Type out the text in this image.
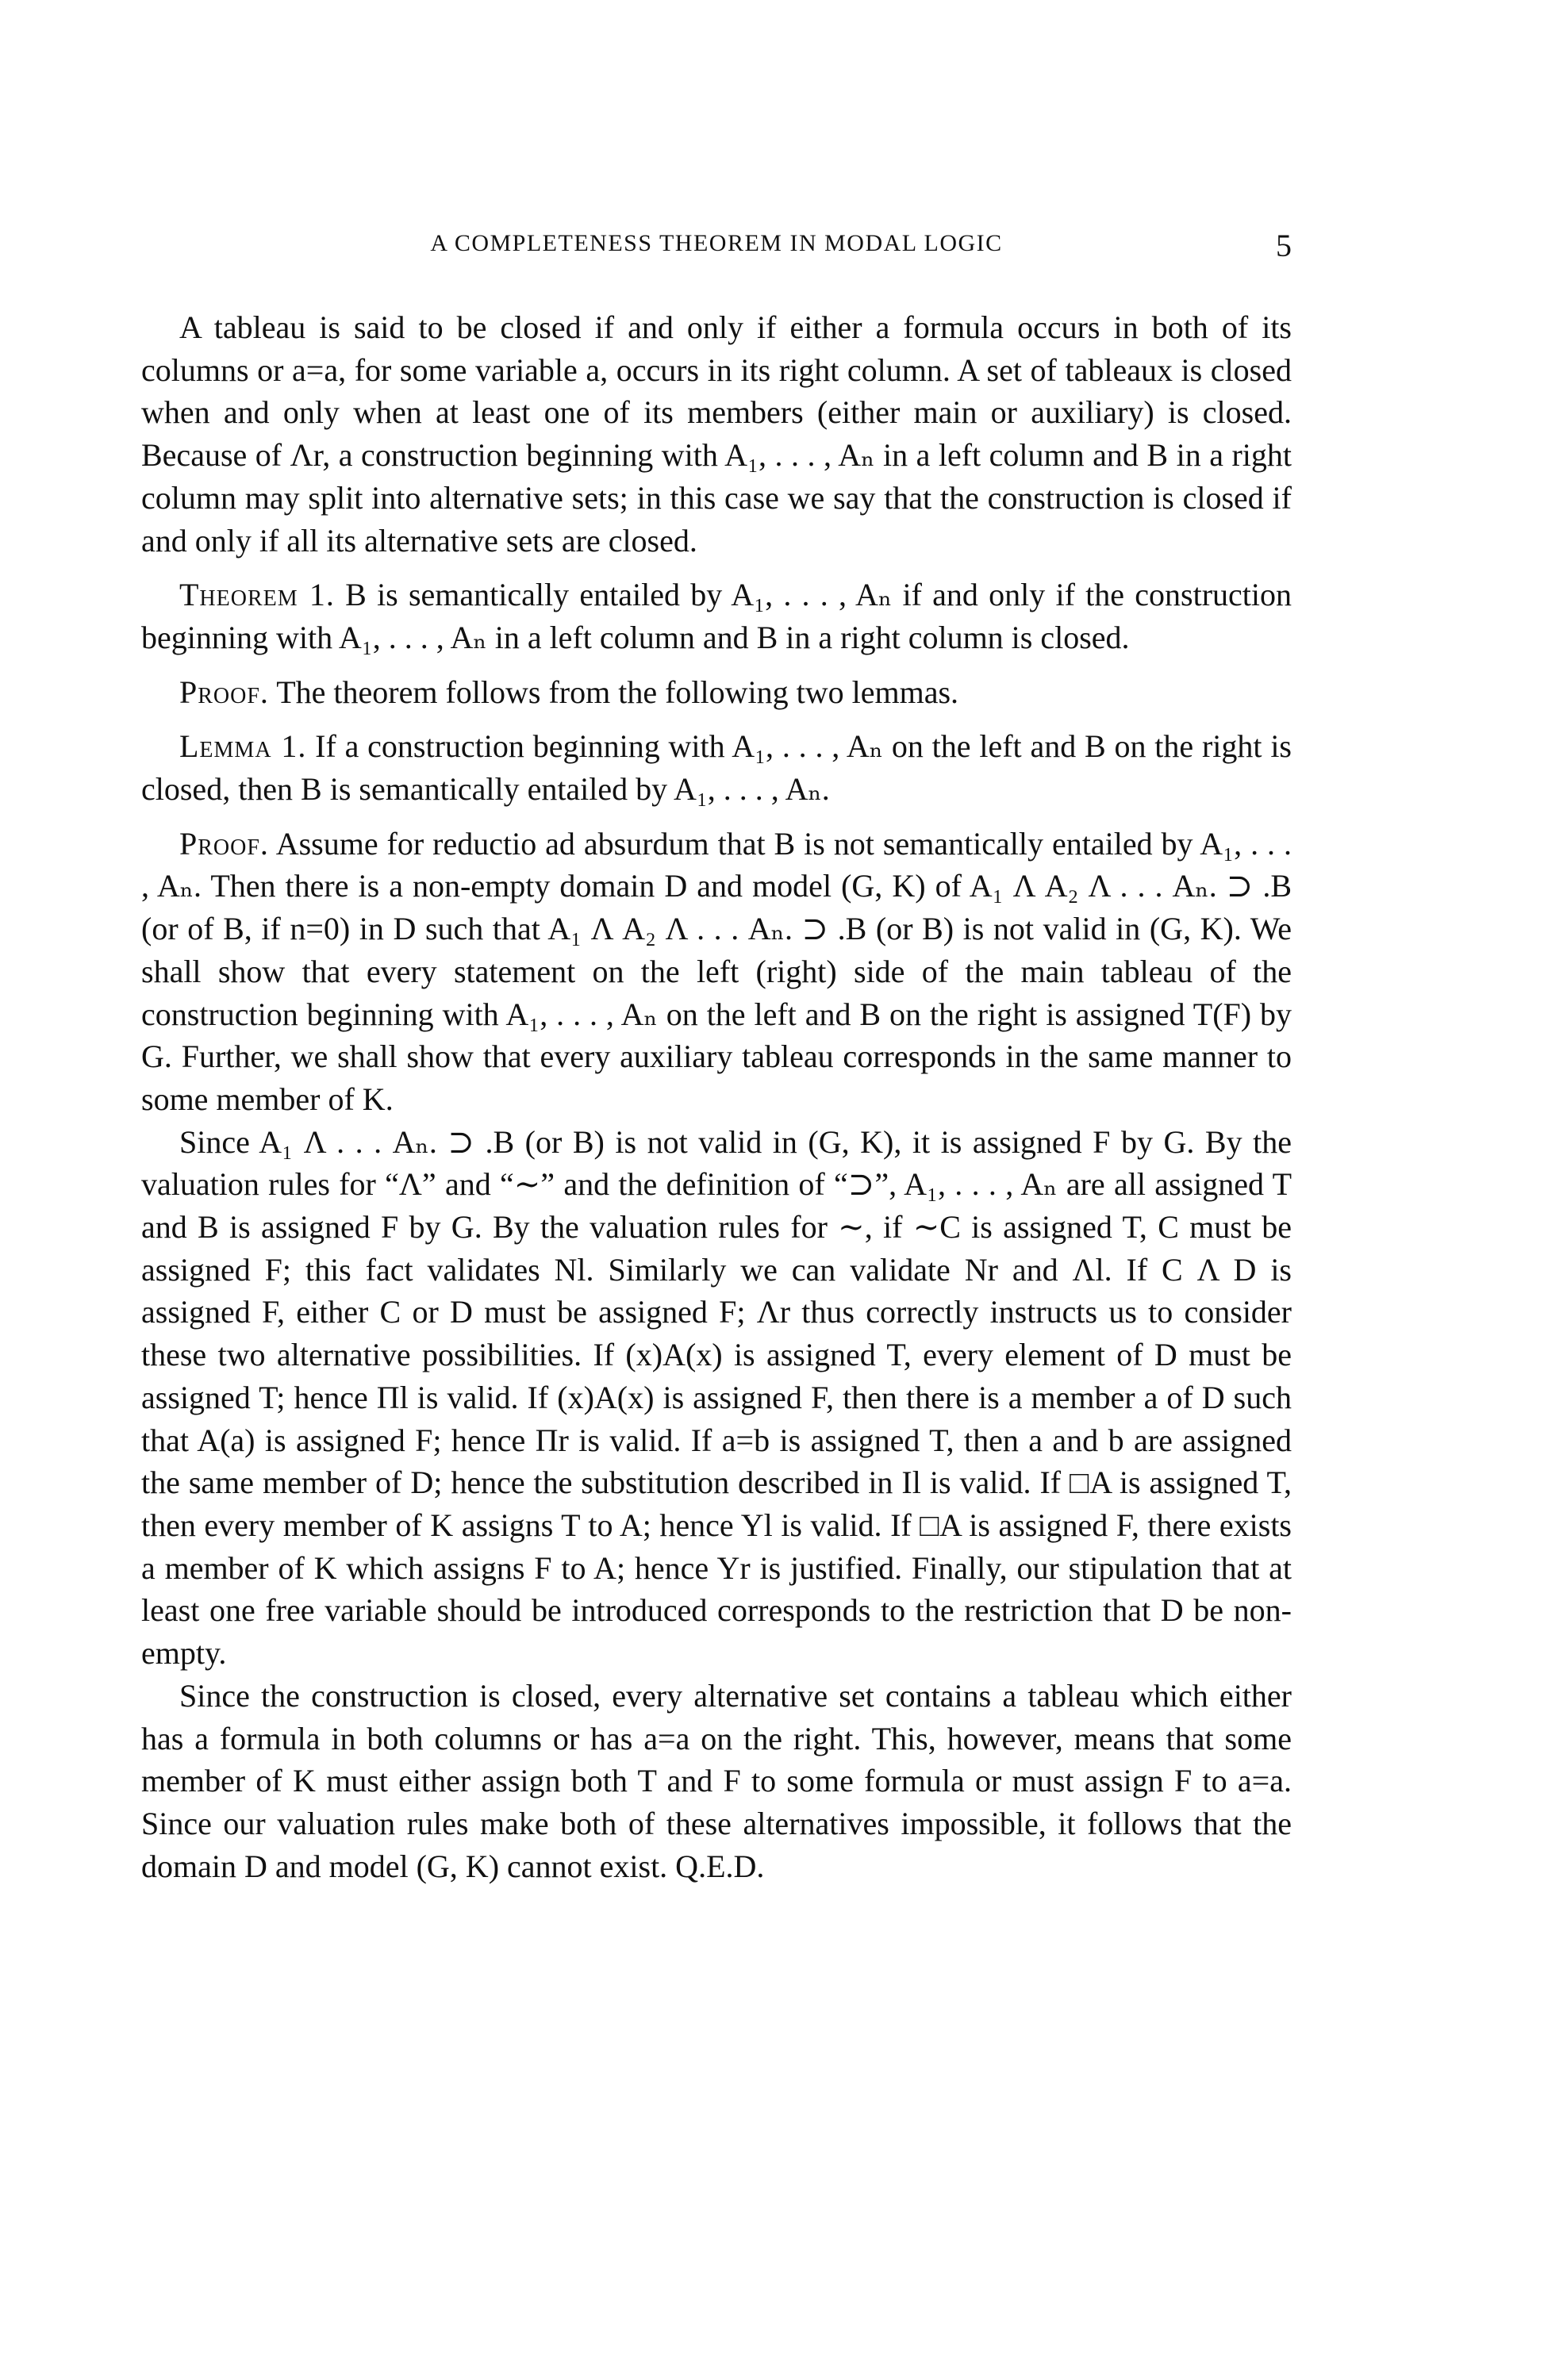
A COMPLETENESS THEOREM IN MODAL LOGIC	5

A tableau is said to be closed if and only if either a formula occurs in both of its columns or a=a, for some variable a, occurs in its right column. A set of tableaux is closed when and only when at least one of its members (either main or auxiliary) is closed. Because of Λr, a construction beginning with A₁, . . . , Aₙ in a left column and B in a right column may split into alternative sets; in this case we say that the construction is closed if and only if all its alternative sets are closed.

Theorem 1. B is semantically entailed by A₁, . . . , Aₙ if and only if the construction beginning with A₁, . . . , Aₙ in a left column and B in a right column is closed.

Proof. The theorem follows from the following two lemmas.

Lemma 1. If a construction beginning with A₁, . . . , Aₙ on the left and B on the right is closed, then B is semantically entailed by A₁, . . . , Aₙ.

Proof. Assume for reductio ad absurdum that B is not semantically entailed by A₁, . . . , Aₙ. Then there is a non-empty domain D and model (G, K) of A₁ Λ A₂ Λ . . . Aₙ. ⊃ .B (or of B, if n=0) in D such that A₁ Λ A₂ Λ . . . Aₙ. ⊃ .B (or B) is not valid in (G, K). We shall show that every statement on the left (right) side of the main tableau of the construction beginning with A₁, . . . , Aₙ on the left and B on the right is assigned T(F) by G. Further, we shall show that every auxiliary tableau corresponds in the same manner to some member of K.

Since A₁ Λ . . . Aₙ. ⊃ .B (or B) is not valid in (G, K), it is assigned F by G. By the valuation rules for “Λ” and “∼” and the definition of “⊃”, A₁, . . . , Aₙ are all assigned T and B is assigned F by G. By the valuation rules for ∼, if ∼C is assigned T, C must be assigned F; this fact validates Nl. Similarly we can validate Nr and Λl. If C Λ D is assigned F, either C or D must be assigned F; Λr thus correctly instructs us to consider these two alternative possibilities. If (x)A(x) is assigned T, every element of D must be assigned T; hence Πl is valid. If (x)A(x) is assigned F, then there is a member a of D such that A(a) is assigned F; hence Πr is valid. If a=b is assigned T, then a and b are assigned the same member of D; hence the substitution described in Il is valid. If □A is assigned T, then every member of K assigns T to A; hence Yl is valid. If □A is assigned F, there exists a member of K which assigns F to A; hence Yr is justified. Finally, our stipulation that at least one free variable should be introduced corresponds to the restriction that D be non-empty.

Since the construction is closed, every alternative set contains a tableau which either has a formula in both columns or has a=a on the right. This, however, means that some member of K must either assign both T and F to some formula or must assign F to a=a. Since our valuation rules make both of these alternatives impossible, it follows that the domain D and model (G, K) cannot exist. Q.E.D.
